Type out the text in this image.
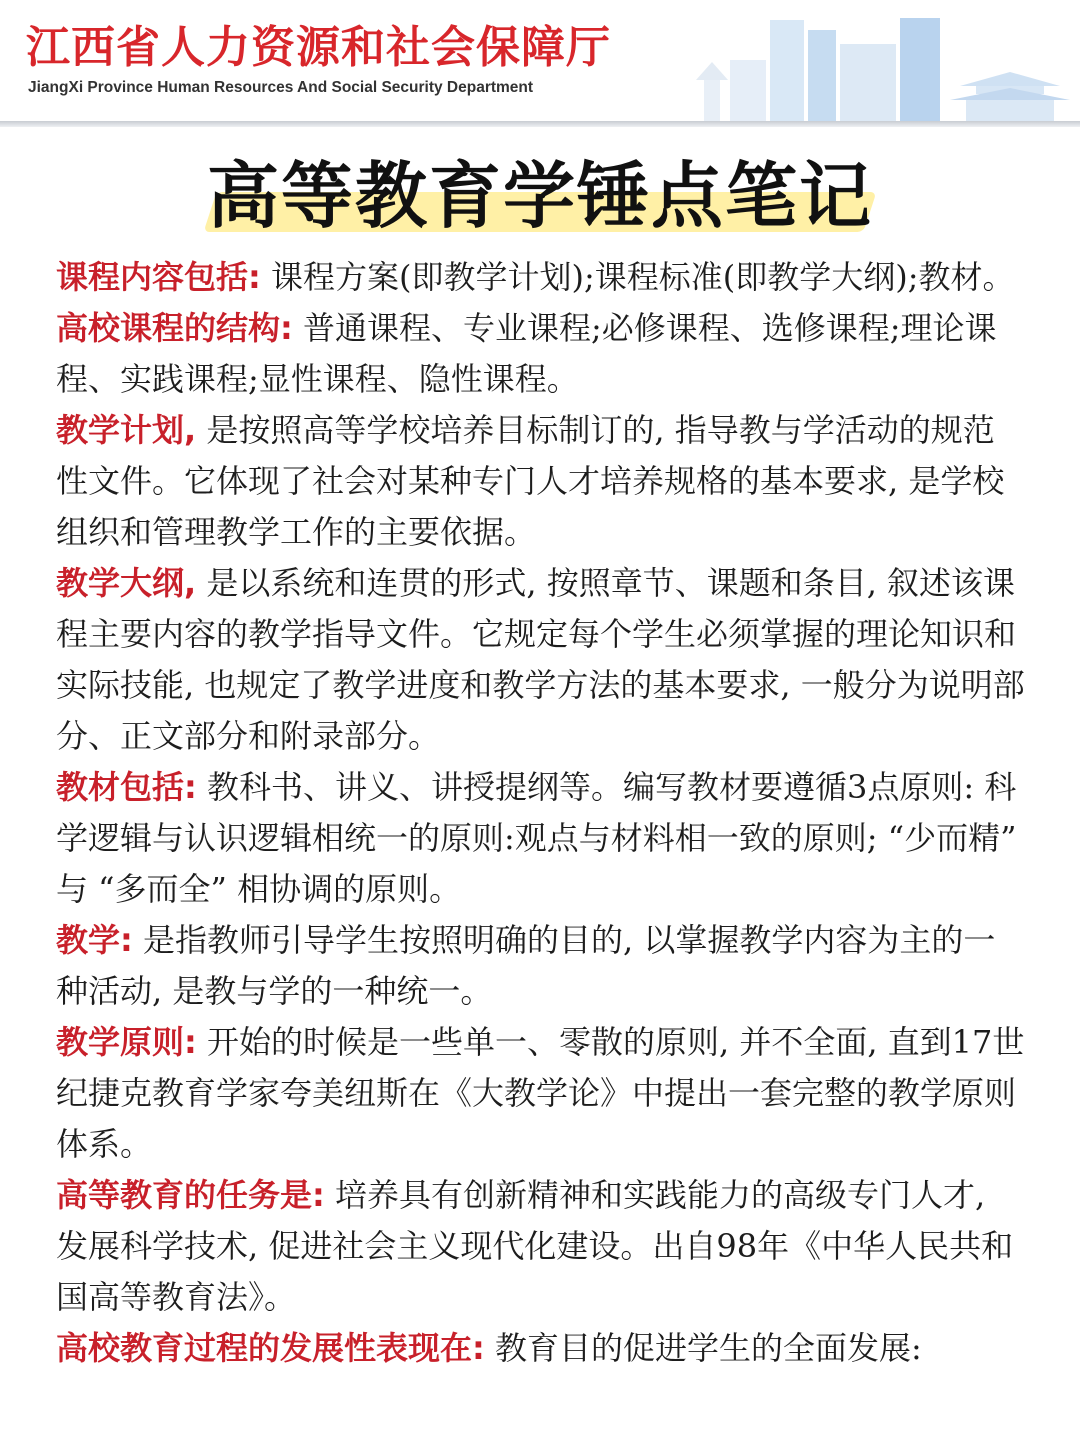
江西省人力资源和社会保障厅
JiangXi Province Human Resources And Social Security Department
高等教育学锤点笔记

课程内容包括: 课程方案(即教学计划);课程标准(即教学大纲);教材。

高校课程的结构: 普通课程、专业课程;必修课程、选修课程;理论课程、实践课程;显性课程、隐性课程。

教学计划, 是按照高等学校培养目标制订的, 指导教与学活动的规范性文件。它体现了社会对某种专门人才培养规格的基本要求, 是学校组织和管理教学工作的主要依据。

教学大纲, 是以系统和连贯的形式, 按照章节、课题和条目, 叙述该课程主要内容的教学指导文件。它规定每个学生必须掌握的理论知识和实际技能, 也规定了教学进度和教学方法的基本要求, 一般分为说明部分、正文部分和附录部分。

教材包括: 教科书、讲义、讲授提纲等。编写教材要遵循3点原则: 科学逻辑与认识逻辑相统一的原则:观点与材料相一致的原则; “少而精” 与 “多而全” 相协调的原则。

教学: 是指教师引导学生按照明确的目的, 以掌握教学内容为主的一种活动, 是教与学的一种统一。

教学原则: 开始的时候是一些单一、零散的原则, 并不全面, 直到17世纪捷克教育学家夸美纽斯在《大教学论》中提出一套完整的教学原则体系。

高等教育的任务是: 培养具有创新精神和实践能力的高级专门人才, 发展科学技术, 促进社会主义现代化建设。出自98年《中华人民共和国高等教育法》。

高校教育过程的发展性表现在: 教育目的促进学生的全面发展:
